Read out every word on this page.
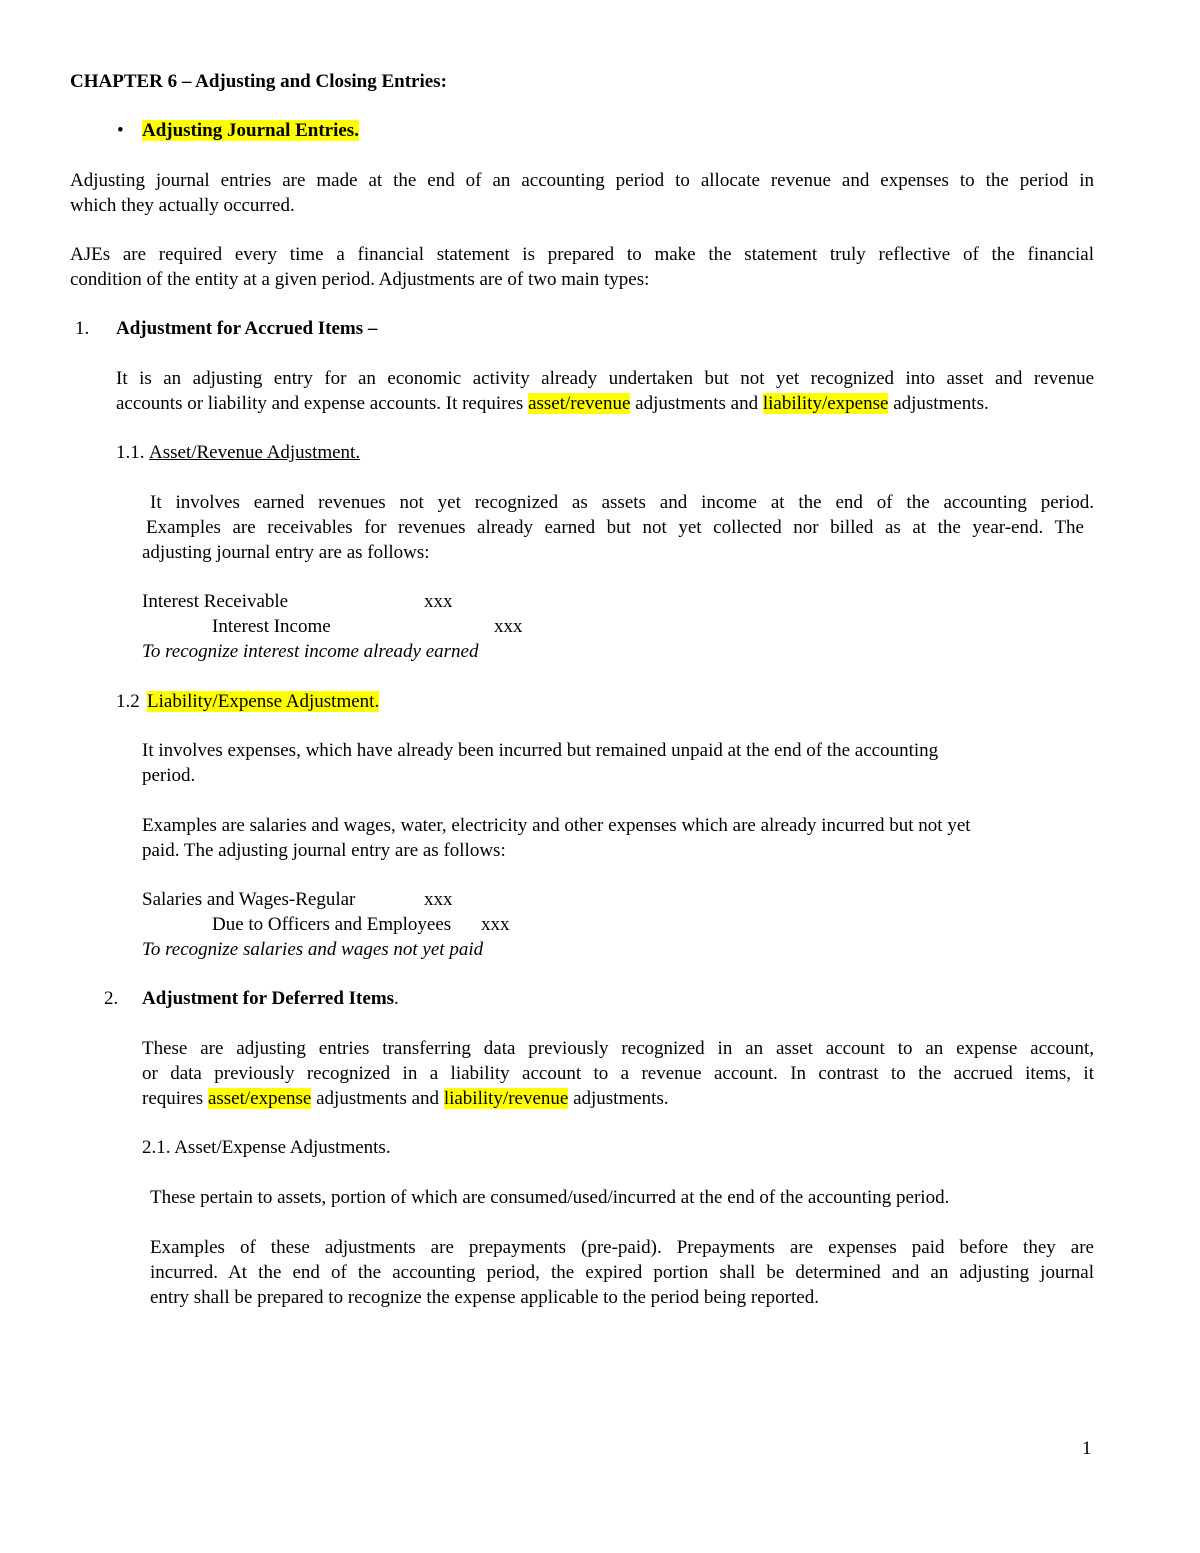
CHAPTER 6 – Adjusting and Closing Entries:
• Adjusting Journal Entries.
Adjusting journal entries are made at the end of an accounting period to allocate revenue and expenses to the period in
which they actually occurred.
AJEs are required every time a financial statement is prepared to make the statement truly reflective of the financial
condition of the entity at a given period. Adjustments are of two main types:
1. Adjustment for Accrued Items –
It is an adjusting entry for an economic activity already undertaken but not yet recognized into asset and revenue
accounts or liability and expense accounts. It requires asset/revenue adjustments and liability/expense adjustments.
1.1. Asset/Revenue Adjustment.
It involves earned revenues not yet recognized as assets and income at the end of the accounting period.
Examples are receivables for revenues already earned but not yet collected nor billed as at the year-end. The
adjusting journal entry are as follows:
Interest Receivable	xxx
Interest Income	xxx
To recognize interest income already earned
1.2 Liability/Expense Adjustment.
It involves expenses, which have already been incurred but remained unpaid at the end of the accounting
period.
Examples are salaries and wages, water, electricity and other expenses which are already incurred but not yet
paid. The adjusting journal entry are as follows:
Salaries and Wages-Regular	xxx
Due to Officers and Employees xxx
To recognize salaries and wages not yet paid
2. Adjustment for Deferred Items.
These are adjusting entries transferring data previously recognized in an asset account to an expense account,
or data previously recognized in a liability account to a revenue account. In contrast to the accrued items, it
requires asset/expense adjustments and liability/revenue adjustments.
2.1. Asset/Expense Adjustments.
These pertain to assets, portion of which are consumed/used/incurred at the end of the accounting period.
Examples of these adjustments are prepayments (pre-paid). Prepayments are expenses paid before they are
incurred. At the end of the accounting period, the expired portion shall be determined and an adjusting journal
entry shall be prepared to recognize the expense applicable to the period being reported.
1
